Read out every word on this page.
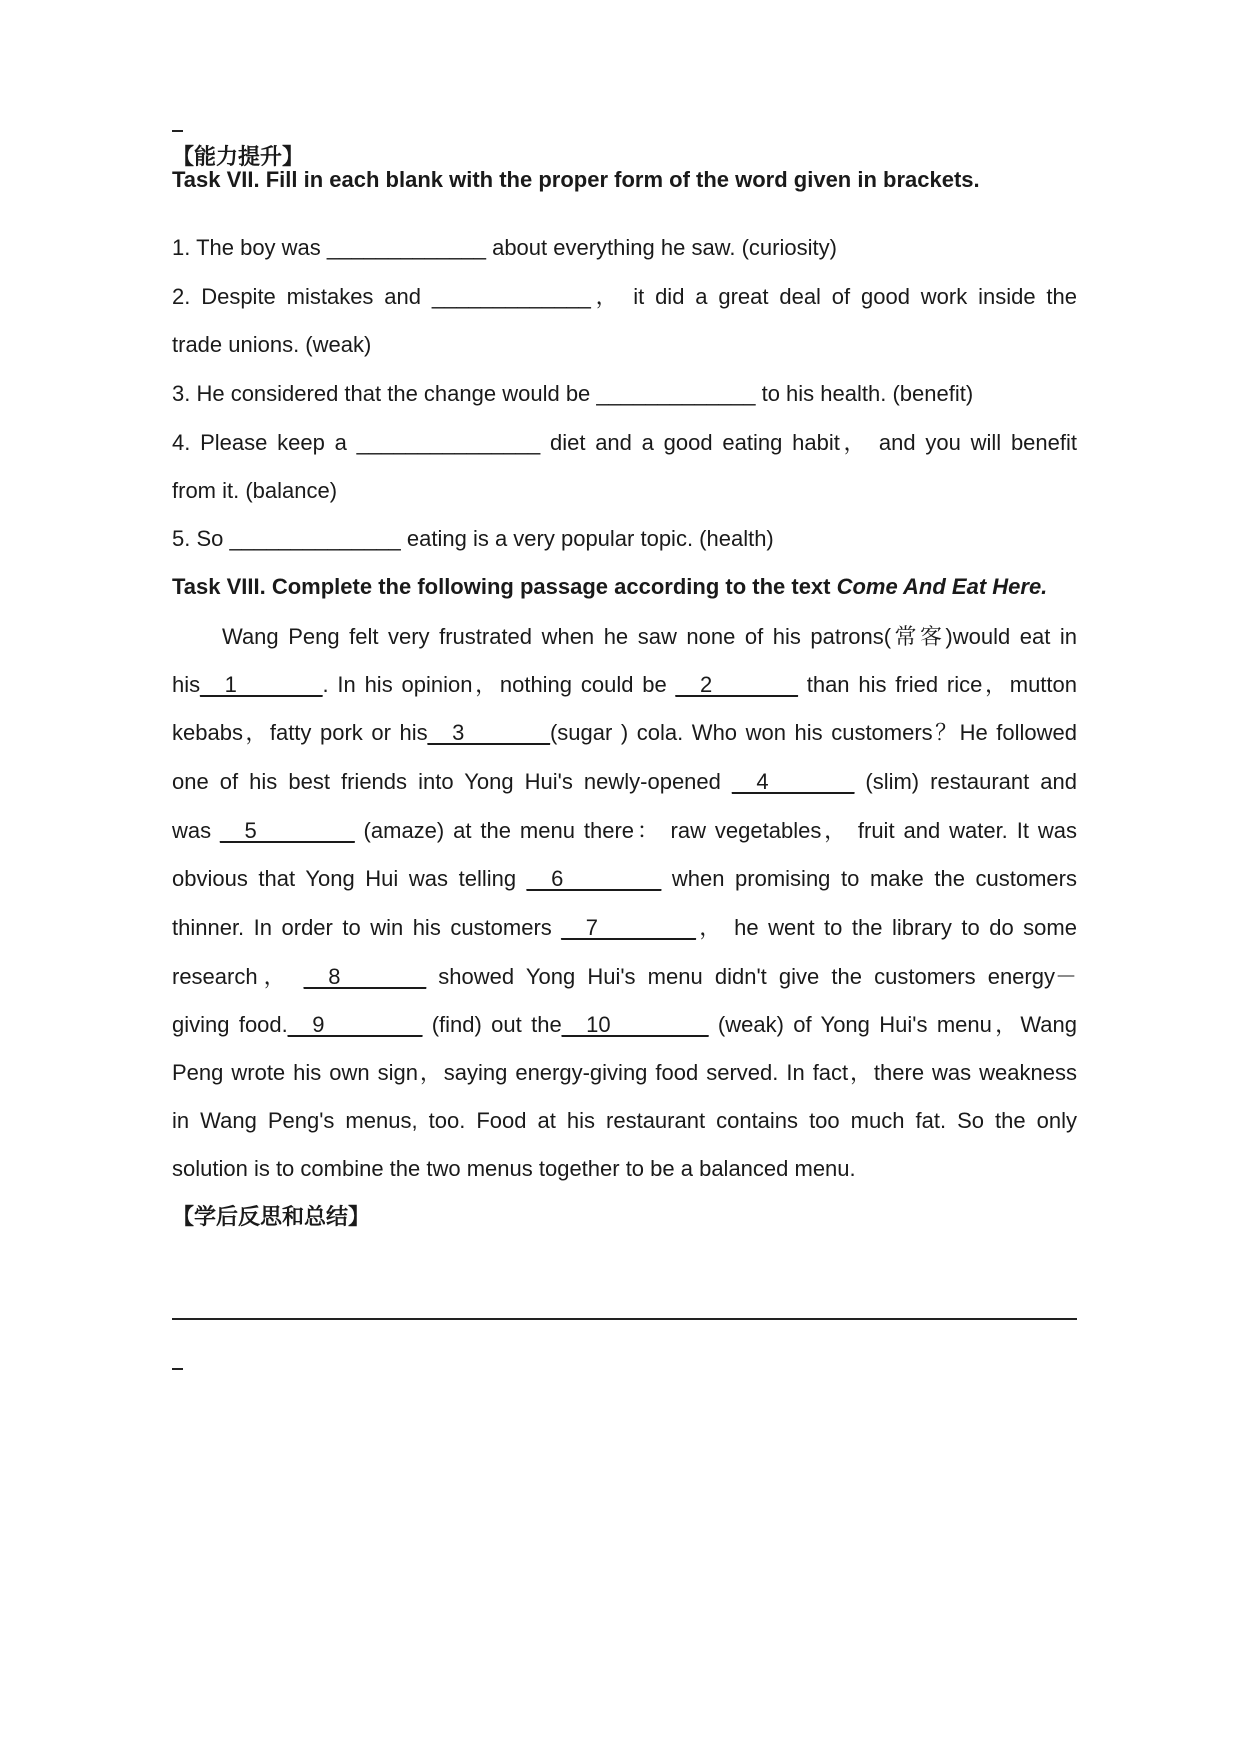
【能力提升】
Task VII. Fill in each blank with the proper form of the word given in brackets.
1. The boy was _____________ about everything he saw. (curiosity)
2. Despite mistakes and _____________， it did a great deal of good work inside the
trade unions. (weak)
3. He considered that the change would be _____________ to his health. (benefit)
4. Please keep a _______________ diet and a good eating habit， and you will benefit
from it. (balance)
5. So ______________ eating is a very popular topic. (health)
Task VIII. Complete the following passage according to the text Come And Eat Here.
Wang Peng felt very frustrated when he saw none of his patrons(常客)would eat in
his__1_______. In his opinion，nothing could be __2_______ than his fried rice，mutton
kebabs，fatty pork or his__3_______(sugar ) cola. Who won his customers？He followed
one of his best friends into Yong Hui's newly-opened __4_______ (slim) restaurant and
was __5________ (amaze) at the menu there： raw vegetables， fruit and water. It was
obvious that Yong Hui was telling __6________ when promising to make the customers
thinner. In order to win his customers __7________， he went to the library to do some
research， __8_______ showed Yong Hui's menu didn't give the customers energy－
giving food.__9________ (find) out the__10________ (weak) of Yong Hui's menu，Wang
Peng wrote his own sign，saying energy-giving food served. In fact，there was weakness
in Wang Peng's menus, too. Food at his restaurant contains too much fat. So the only
solution is to combine the two menus together to be a balanced menu.
【学后反思和总结】
